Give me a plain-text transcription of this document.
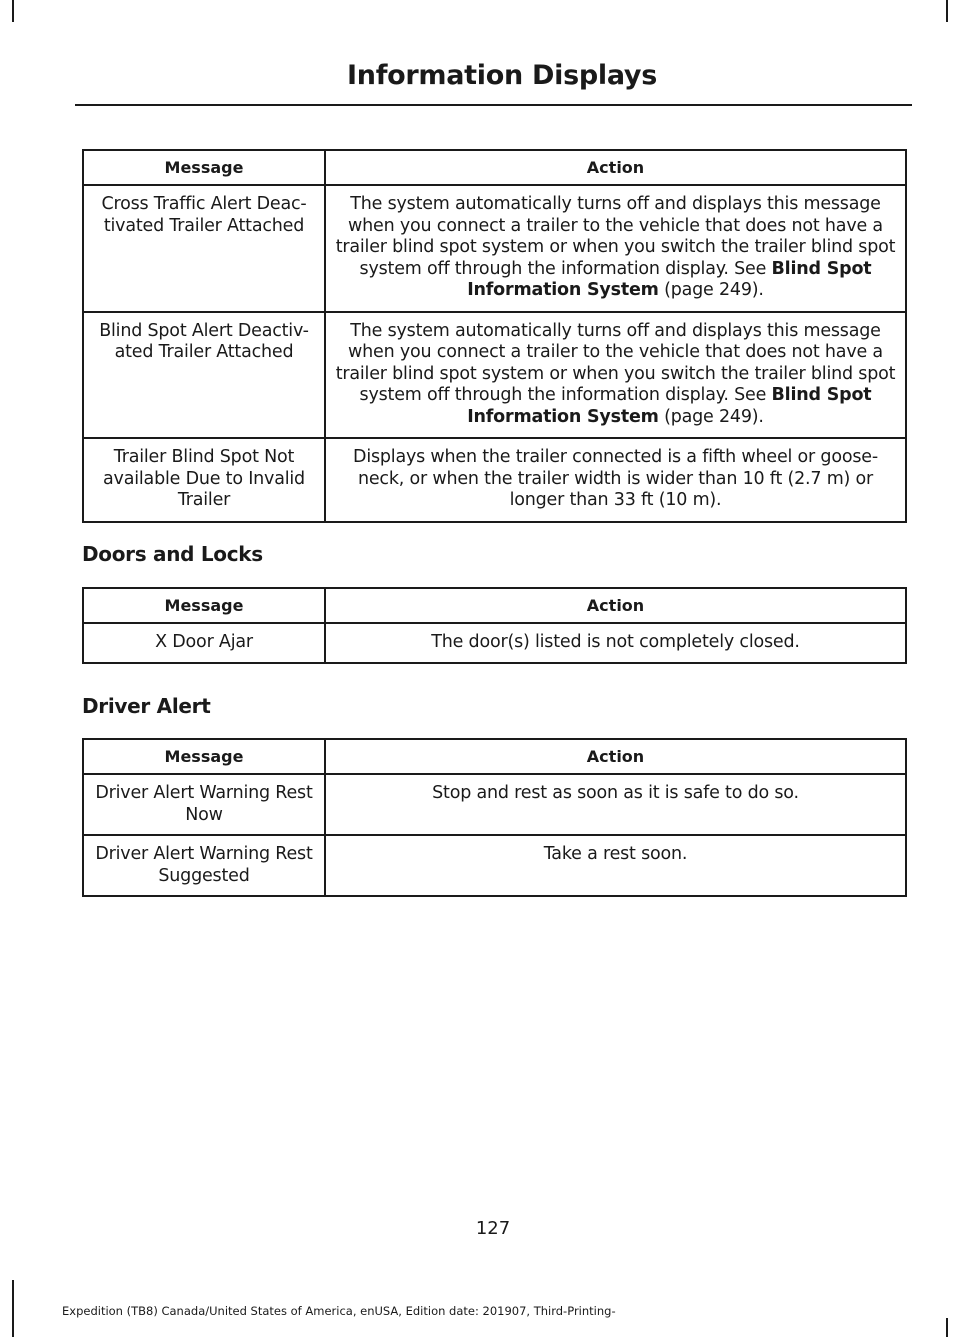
Information Displays
Message	Action
Cross Traffic Alert Deac-tivated Trailer Attached	The system automatically turns off and displays this message when you connect a trailer to the vehicle that does not have a trailer blind spot system or when you switch the trailer blind spot system off through the information display. See Blind Spot Information System (page 249).
Blind Spot Alert Deactiv-ated Trailer Attached	The system automatically turns off and displays this message when you connect a trailer to the vehicle that does not have a trailer blind spot system or when you switch the trailer blind spot system off through the information display. See Blind Spot Information System (page 249).
Trailer Blind Spot Not available Due to Invalid Trailer	Displays when the trailer connected is a fifth wheel or goose-neck, or when the trailer width is wider than 10 ft (2.7 m) or longer than 33 ft (10 m).
Doors and Locks
Message	Action
X Door Ajar	The door(s) listed is not completely closed.
Driver Alert
Message	Action
Driver Alert Warning Rest Now	Stop and rest as soon as it is safe to do so.
Driver Alert Warning Rest Suggested	Take a rest soon.
127
Expedition (TB8) Canada/United States of America, enUSA, Edition date: 201907, Third-Printing-
